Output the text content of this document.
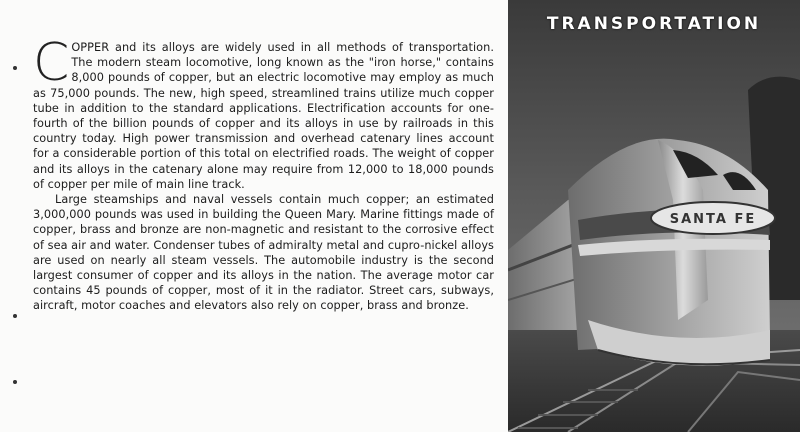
COPPER and its alloys are widely used in all methods of transportation. The modern steam locomotive, long known as the "iron horse," contains 8,000 pounds of copper, but an electric locomotive may employ as much as 75,000 pounds. The new, high speed, streamlined trains utilize much copper tube in addition to the standard applications. Electrification accounts for one-fourth of the billion pounds of copper and its alloys in use by railroads in this country today. High power transmission and overhead catenary lines account for a considerable portion of this total on electrified roads. The weight of copper and its alloys in the catenary alone may require from 12,000 to 18,000 pounds of copper per mile of main line track.

Large steamships and naval vessels contain much copper; an estimated 3,000,000 pounds was used in building the Queen Mary. Marine fittings made of copper, brass and bronze are non-magnetic and resistant to the corrosive effect of sea air and water. Condenser tubes of admiralty metal and cupro-nickel alloys are used on nearly all steam vessels. The automobile industry is the second largest consumer of copper and its alloys in the nation. The average motor car contains 45 pounds of copper, most of it in the radiator. Street cars, subways, aircraft, motor coaches and elevators also rely on copper, brass and bronze.

SANTA FE
TRANSPORTATION
